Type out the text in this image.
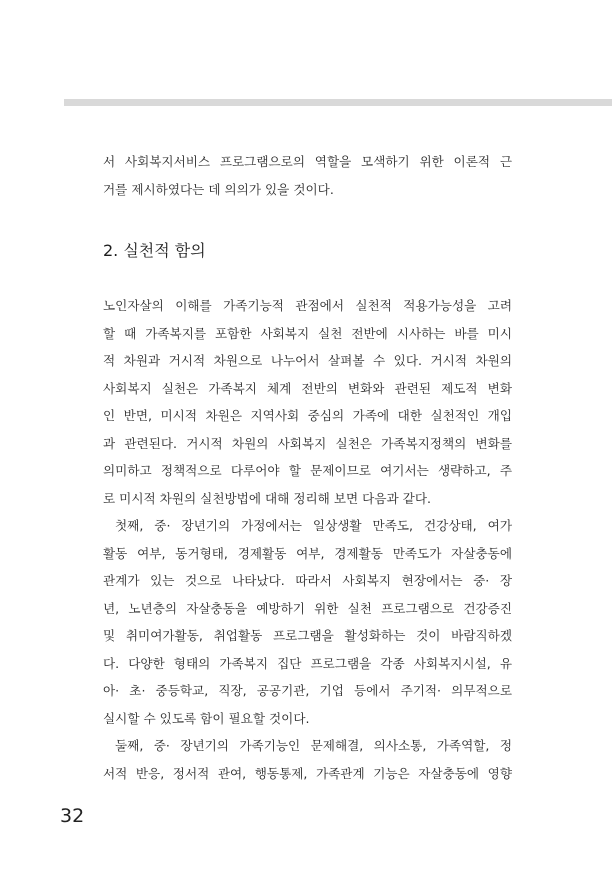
서 사회복지서비스 프로그램으로의 역할을 모색하기 위한 이론적 근
거를 제시하였다는 데 의의가 있을 것이다.
2. 실천적 함의
노인자살의 이해를 가족기능적 관점에서 실천적 적용가능성을 고려
할 때 가족복지를 포함한 사회복지 실천 전반에 시사하는 바를 미시
적 차원과 거시적 차원으로 나누어서 살펴볼 수 있다. 거시적 차원의
사회복지 실천은 가족복지 체계 전반의 변화와 관련된 제도적 변화
인 반면, 미시적 차원은 지역사회 중심의 가족에 대한 실천적인 개입
과 관련된다. 거시적 차원의 사회복지 실천은 가족복지정책의 변화를
의미하고 정책적으로 다루어야 할 문제이므로 여기서는 생략하고, 주
로 미시적 차원의 실천방법에 대해 정리해 보면 다음과 같다.
첫째, 중· 장년기의 가정에서는 일상생활 만족도, 건강상태, 여가
활동 여부, 동거형태, 경제활동 여부, 경제활동 만족도가 자살충동에
관계가 있는 것으로 나타났다. 따라서 사회복지 현장에서는 중· 장
년, 노년층의 자살충동을 예방하기 위한 실천 프로그램으로 건강증진
및 취미여가활동, 취업활동 프로그램을 활성화하는 것이 바람직하겠
다. 다양한 형태의 가족복지 집단 프로그램을 각종 사회복지시설, 유
아· 초· 중등학교, 직장, 공공기관, 기업 등에서 주기적· 의무적으로
실시할 수 있도록 함이 필요할 것이다.
둘째, 중· 장년기의 가족기능인 문제해결, 의사소통, 가족역할, 정
서적 반응, 정서적 관여, 행동통제, 가족관계 기능은 자살충동에 영향
32
